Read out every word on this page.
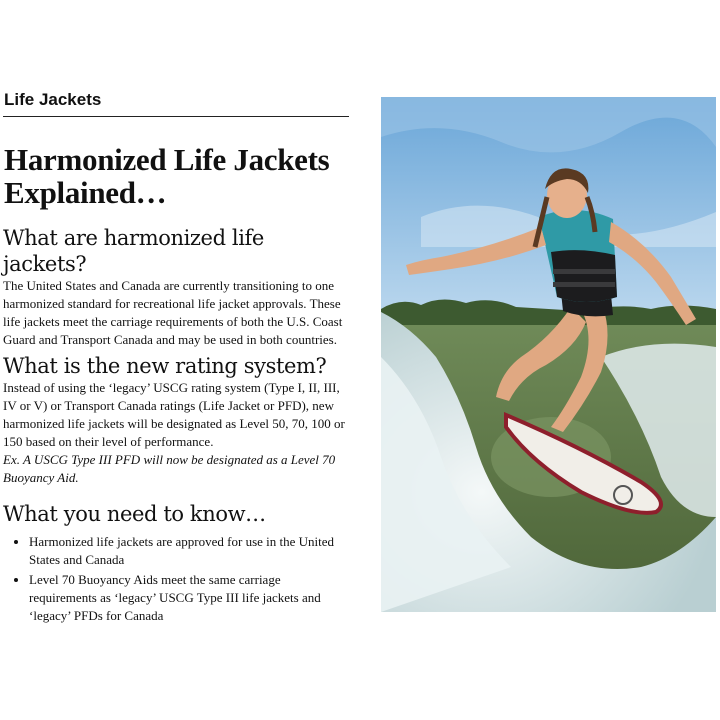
Life Jackets
Harmonized Life Jackets Explained…
What are harmonized life jackets?

The United States and Canada are currently transitioning to one harmonized standard for recreational life jacket approvals. These life jackets meet the carriage requirements of both the U.S. Coast Guard and Transport Canada and may be used in both countries.

What is the new rating system?

Instead of using the ‘legacy’ USCG rating system (Type I, II, III, IV or V) or Transport Canada ratings (Life Jacket or PFD), new harmonized life jackets will be designated as Level 50, 70, 100 or 150 based on their level of performance.

Ex. A USCG Type III PFD will now be designated as a Level 70 Buoyancy Aid.

What you need to know…
• Harmonized life jackets are approved for use in the United States and Canada
• Level 70 Buoyancy Aids meet the same carriage requirements as ‘legacy’ USCG Type III life jackets and ‘legacy’ PFDs for Canada
